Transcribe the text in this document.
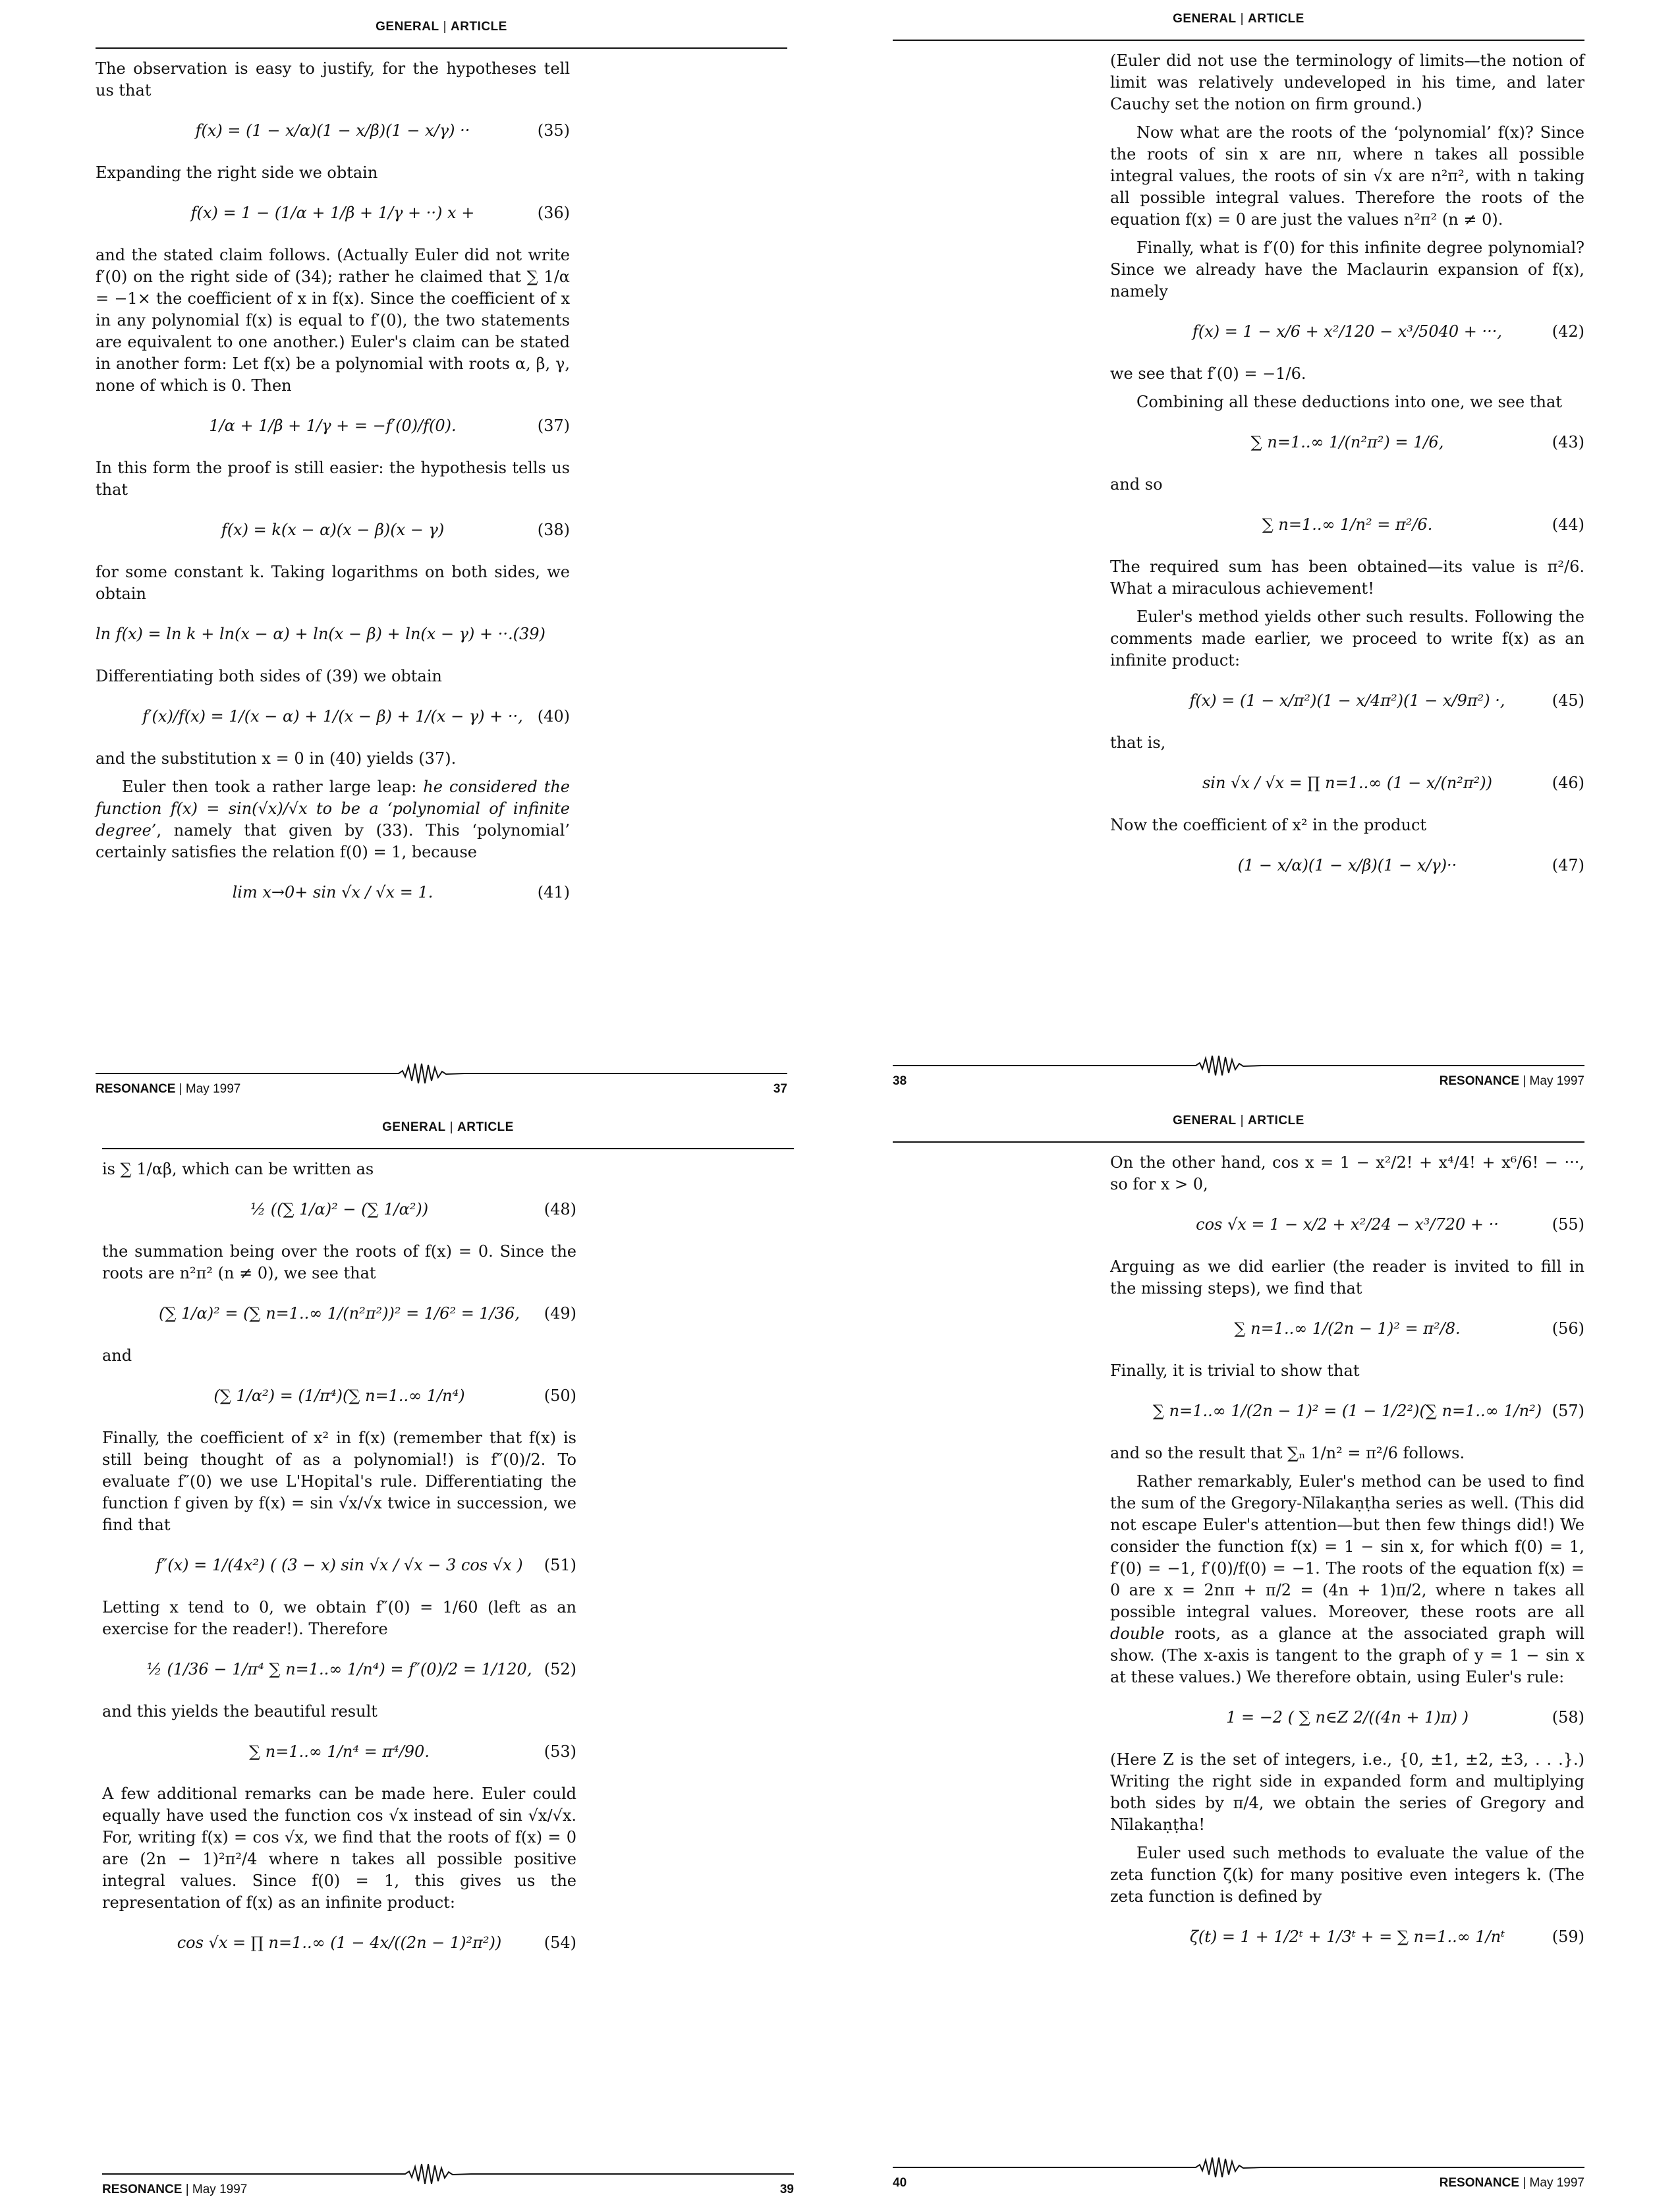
GENERAL | ARTICLE

The observation is easy to justify, for the hypotheses tell us that

f(x) = (1 − x/α)(1 − x/β)(1 − x/γ) ··	(35)

Expanding the right side we obtain

f(x) = 1 − (1/α + 1/β + 1/γ + ··) x +	(36)

and the stated claim follows. (Actually Euler did not write f′(0) on the right side of (34); rather he claimed that ∑ 1/α = −1× the coefficient of x in f(x). Since the coefficient of x in any polynomial f(x) is equal to f′(0), the two statements are equivalent to one another.) Euler's claim can be stated in another form: Let f(x) be a polynomial with roots α, β, γ, none of which is 0. Then

1/α + 1/β + 1/γ + = −f′(0)/f(0).	(37)

In this form the proof is still easier: the hypothesis tells us that

f(x) = k(x − α)(x − β)(x − γ)	(38)

for some constant k. Taking logarithms on both sides, we obtain

ln f(x) = ln k + ln(x − α) + ln(x − β) + ln(x − γ) + ··.(39)

Differentiating both sides of (39) we obtain

f′(x)/f(x) = 1/(x − α) + 1/(x − β) + 1/(x − γ) + ··, (40)

and the substitution x = 0 in (40) yields (37).

Euler then took a rather large leap: he considered the function f(x) = sin(√x)/√x to be a ‘polynomial of infinite degree’, namely that given by (33). This ‘polynomial’ certainly satisfies the relation f(0) = 1, because

lim x→0+ sin √x / √x = 1.	(41)
RESONANCE | May 1997	37
GENERAL | ARTICLE

(Euler did not use the terminology of limits—the notion of limit was relatively undeveloped in his time, and later Cauchy set the notion on firm ground.)

Now what are the roots of the ‘polynomial’ f(x)? Since the roots of sin x are nπ, where n takes all possible integral values, the roots of sin √x are n²π², with n taking all possible integral values. Therefore the roots of the equation f(x) = 0 are just the values n²π² (n ≠ 0).

Finally, what is f′(0) for this infinite degree polynomial? Since we already have the Maclaurin expansion of f(x), namely

f(x) = 1 − x/6 + x²/120 − x³/5040 + ···,	(42)

we see that f′(0) = −1/6.

Combining all these deductions into one, we see that

∑ n=1..∞ 1/(n²π²) = 1/6,	(43)

and so

∑ n=1..∞ 1/n² = π²/6.	(44)

The required sum has been obtained—its value is π²/6. What a miraculous achievement!

Euler's method yields other such results. Following the comments made earlier, we proceed to write f(x) as an infinite product:

f(x) = (1 − x/π²)(1 − x/4π²)(1 − x/9π²) ·,	(45)

that is,

sin √x / √x = ∏ n=1..∞ (1 − x/(n²π²))	(46)

Now the coefficient of x² in the product

(1 − x/α)(1 − x/β)(1 − x/γ)··	(47)
38	RESONANCE | May 1997
GENERAL | ARTICLE

is ∑ 1/αβ, which can be written as

½ ((∑ 1/α)² − (∑ 1/α²))	(48)

the summation being over the roots of f(x) = 0. Since the roots are n²π² (n ≠ 0), we see that

(∑ 1/α)² = (∑ n=1..∞ 1/(n²π²))² = 1/6² = 1/36, (49)

and

(∑ 1/α²) = (1/π⁴)(∑ n=1..∞ 1/n⁴)	(50)

Finally, the coefficient of x² in f(x) (remember that f(x) is still being thought of as a polynomial!) is f″(0)/2. To evaluate f″(0) we use L'Hopital's rule. Differentiating the function f given by f(x) = sin √x/√x twice in succession, we find that

f″(x) = 1/(4x²) ( (3 − x) sin √x / √x − 3 cos √x ) (51)

Letting x tend to 0, we obtain f″(0) = 1/60 (left as an exercise for the reader!). Therefore

½ (1/36 − 1/π⁴ ∑ n=1..∞ 1/n⁴) = f″(0)/2 = 1/120, (52)

and this yields the beautiful result

∑ n=1..∞ 1/n⁴ = π⁴/90.	(53)

A few additional remarks can be made here. Euler could equally have used the function cos √x instead of sin √x/√x. For, writing f(x) = cos √x, we find that the roots of f(x) = 0 are (2n − 1)²π²/4 where n takes all possible positive integral values. Since f(0) = 1, this gives us the representation of f(x) as an infinite product:

cos √x = ∏ n=1..∞ (1 − 4x/((2n − 1)²π²))	(54)
RESONANCE | May 1997	39
GENERAL | ARTICLE

On the other hand, cos x = 1 − x²/2! + x⁴/4! + x⁶/6! − ···, so for x > 0,

cos √x = 1 − x/2 + x²/24 − x³/720 + ··	(55)

Arguing as we did earlier (the reader is invited to fill in the missing steps), we find that

∑ n=1..∞ 1/(2n − 1)² = π²/8.	(56)

Finally, it is trivial to show that

∑ n=1..∞ 1/(2n − 1)² = (1 − 1/2²)(∑ n=1..∞ 1/n²) (57)

and so the result that ∑ₙ 1/n² = π²/6 follows.

Rather remarkably, Euler's method can be used to find the sum of the Gregory-Nīlakaṇṭha series as well. (This did not escape Euler's attention—but then few things did!) We consider the function f(x) = 1 − sin x, for which f(0) = 1, f′(0) = −1, f′(0)/f(0) = −1. The roots of the equation f(x) = 0 are x = 2nπ + π/2 = (4n + 1)π/2, where n takes all possible integral values. Moreover, these roots are all double roots, as a glance at the associated graph will show. (The x-axis is tangent to the graph of y = 1 − sin x at these values.) We therefore obtain, using Euler's rule:

1 = −2 ( ∑ n∈Z 2/((4n + 1)π) )	(58)

(Here Z is the set of integers, i.e., {0, ±1, ±2, ±3, . . .}.) Writing the right side in expanded form and multiplying both sides by π/4, we obtain the series of Gregory and Nīlakaṇṭha!

Euler used such methods to evaluate the value of the zeta function ζ(k) for many positive even integers k. (The zeta function is defined by

ζ(t) = 1 + 1/2ᵗ + 1/3ᵗ + = ∑ n=1..∞ 1/nᵗ	(59)
40	RESONANCE | May 1997
